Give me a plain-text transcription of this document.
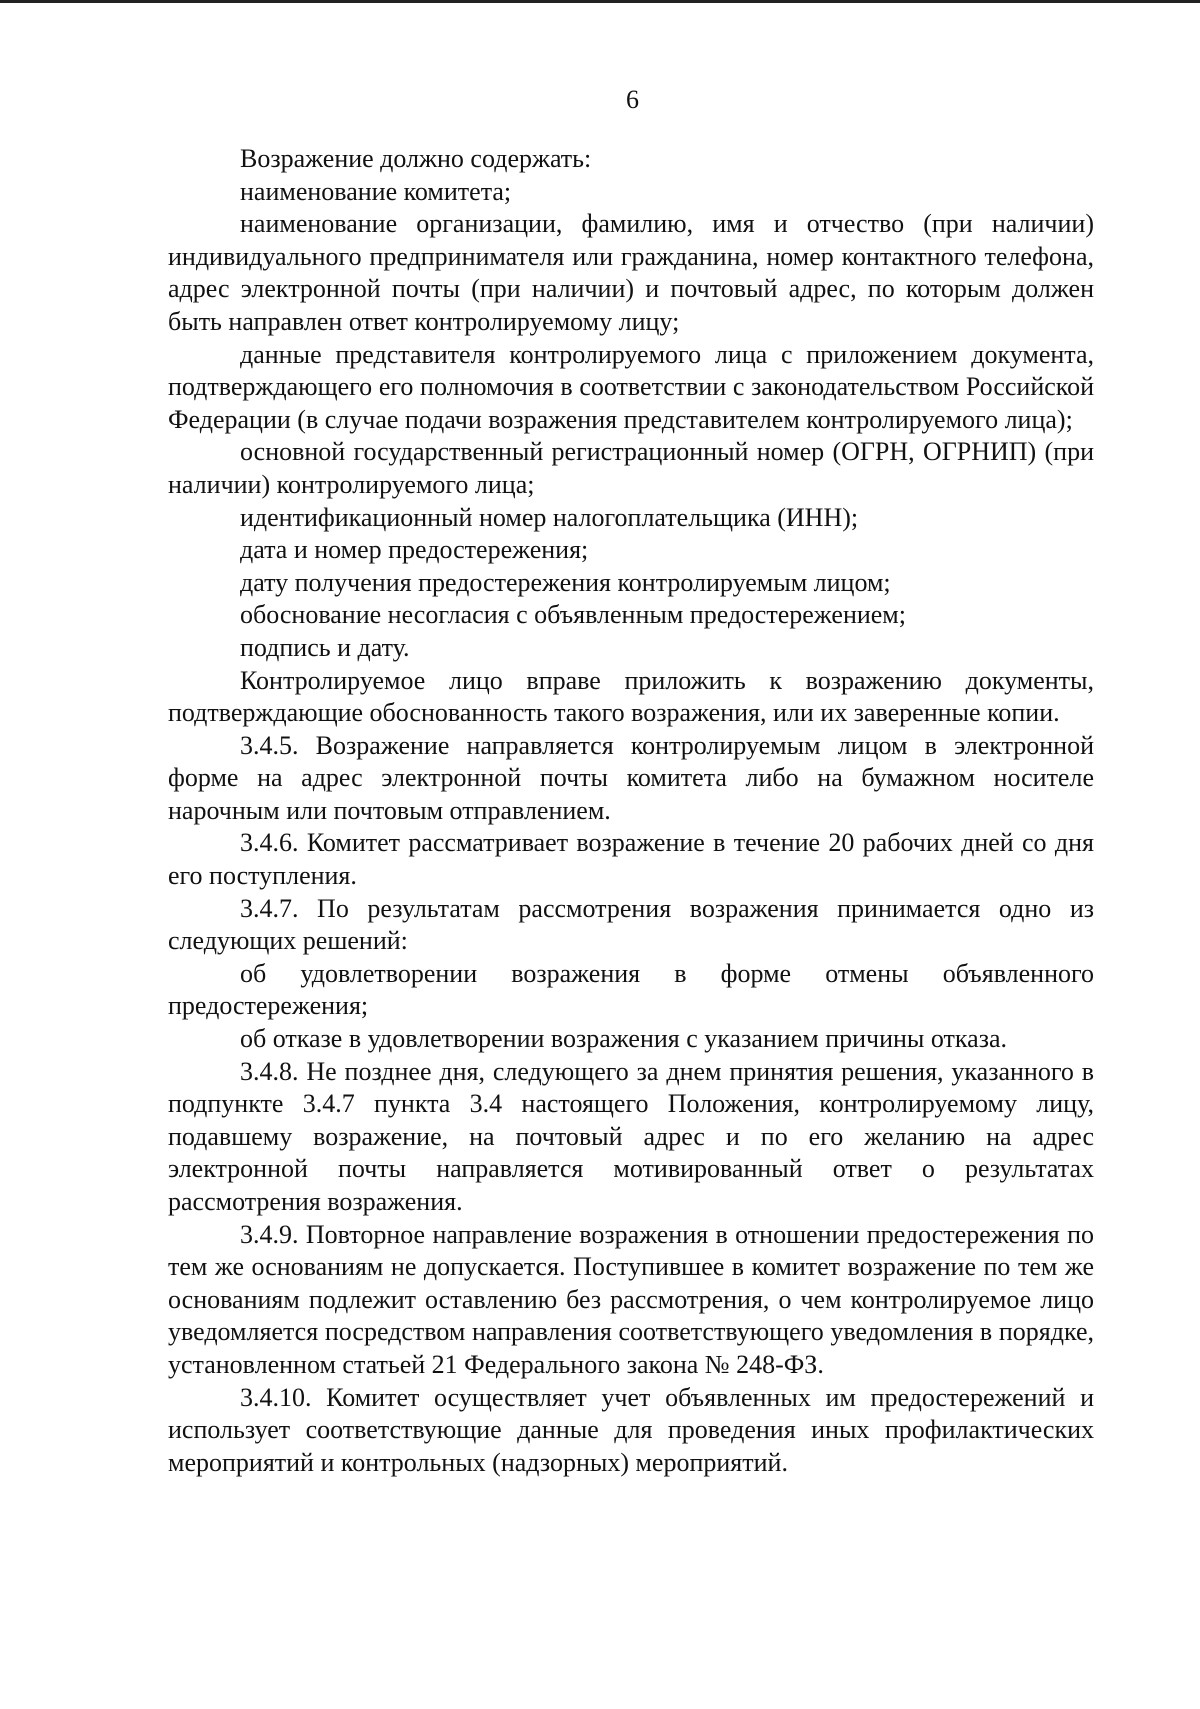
6

Возражение должно содержать:

наименование комитета;

наименование организации, фамилию, имя и отчество (при наличии) индивидуального предпринимателя или гражданина, номер контактного телефона, адрес электронной почты (при наличии) и почтовый адрес, по которым должен быть направлен ответ контролируемому лицу;

данные представителя контролируемого лица с приложением документа, подтверждающего его полномочия в соответствии с законодательством Российской Федерации (в случае подачи возражения представителем контролируемого лица);

основной государственный регистрационный номер (ОГРН, ОГРНИП) (при наличии) контролируемого лица;

идентификационный номер налогоплательщика (ИНН);

дата и номер предостережения;

дату получения предостережения контролируемым лицом;

обоснование несогласия с объявленным предостережением;

подпись и дату.

Контролируемое лицо вправе приложить к возражению документы, подтверждающие обоснованность такого возражения, или их заверенные копии.

3.4.5. Возражение направляется контролируемым лицом в электронной форме на адрес электронной почты комитета либо на бумажном носителе нарочным или почтовым отправлением.

3.4.6. Комитет рассматривает возражение в течение 20 рабочих дней со дня его поступления.

3.4.7. По результатам рассмотрения возражения принимается одно из следующих решений:

об удовлетворении возражения в форме отмены объявленного предостережения;

об отказе в удовлетворении возражения с указанием причины отказа.

3.4.8. Не позднее дня, следующего за днем принятия решения, указанного в подпункте 3.4.7 пункта 3.4 настоящего Положения, контролируемому лицу, подавшему возражение, на почтовый адрес и по его желанию на адрес электронной почты направляется мотивированный ответ о результатах рассмотрения возражения.

3.4.9. Повторное направление возражения в отношении предостережения по тем же основаниям не допускается. Поступившее в комитет возражение по тем же основаниям подлежит оставлению без рассмотрения, о чем контролируемое лицо уведомляется посредством направления соответствующего уведомления в порядке, установленном статьей 21 Федерального закона № 248-ФЗ.

3.4.10. Комитет осуществляет учет объявленных им предостережений и использует соответствующие данные для проведения иных профилактических мероприятий и контрольных (надзорных) мероприятий.
